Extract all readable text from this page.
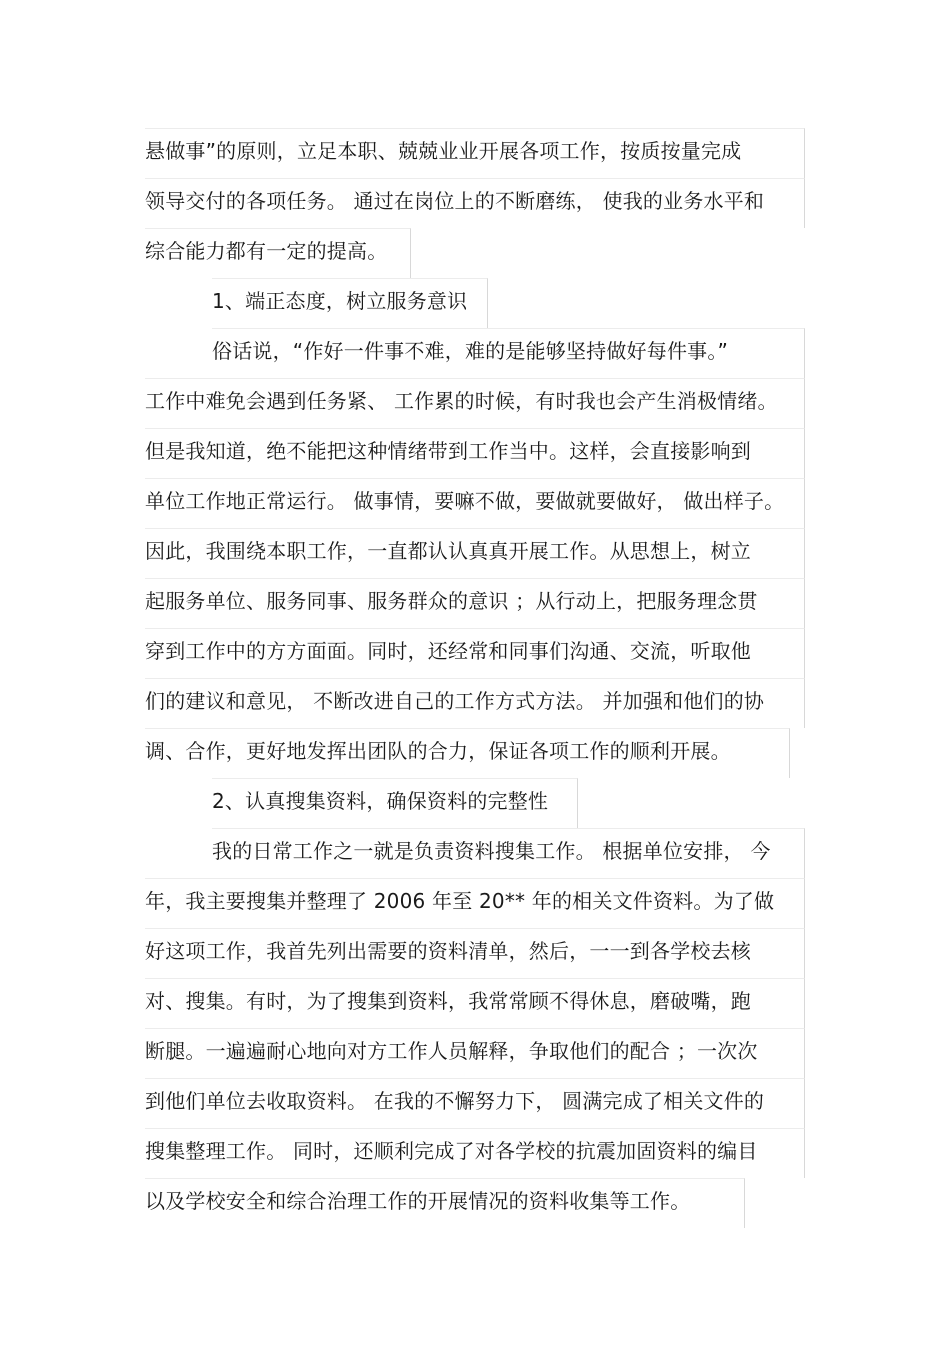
悬做事”的原则，立足本职、兢兢业业开展各项工作，按质按量完成
领导交付的各项任务。 通过在岗位上的不断磨练， 使我的业务水平和
综合能力都有一定的提高。
1、端正态度，树立服务意识
俗话说，“作好一件事不难，难的是能够坚持做好每件事。”
工作中难免会遇到任务紧、 工作累的时候，有时我也会产生消极情绪。
但是我知道，绝不能把这种情绪带到工作当中。这样，会直接影响到
单位工作地正常运行。 做事情，要嘛不做，要做就要做好， 做出样子。
因此，我围绕本职工作，一直都认认真真开展工作。从思想上，树立
起服务单位、服务同事、服务群众的意识 ；从行动上，把服务理念贯
穿到工作中的方方面面。同时，还经常和同事们沟通、交流，听取他
们的建议和意见， 不断改进自己的工作方式方法。 并加强和他们的协
调、合作，更好地发挥出团队的合力，保证各项工作的顺利开展。
2、认真搜集资料，确保资料的完整性
我的日常工作之一就是负责资料搜集工作。 根据单位安排， 今
年，我主要搜集并整理了 2006 年至 20** 年的相关文件资料。为了做
好这项工作，我首先列出需要的资料清单，然后，一一到各学校去核
对、搜集。有时，为了搜集到资料，我常常顾不得休息，磨破嘴，跑
断腿。一遍遍耐心地向对方工作人员解释，争取他们的配合 ；一次次
到他们单位去收取资料。 在我的不懈努力下， 圆满完成了相关文件的
搜集整理工作。 同时，还顺利完成了对各学校的抗震加固资料的编目
以及学校安全和综合治理工作的开展情况的资料收集等工作。
